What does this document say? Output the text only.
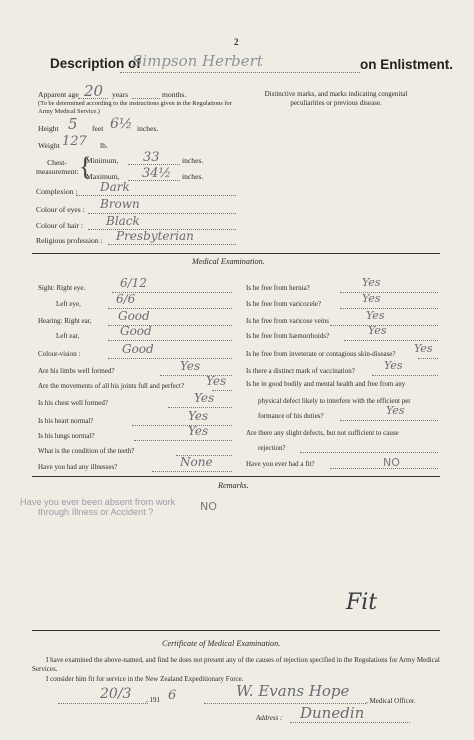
2
Description of
Simpson Herbert	on Enlistment.
Apparent age 20 years	months.
(To be determined according to the instructions given in the Regulations for Army Medical Service.)
Height 5 feet 6½ inches.
Weight 127 lb.
Chest-measurement: {
Minimum, 33	inches.
Maximum, 34½ inches.
Complexion : Dark
Colour of eyes : Brown
Colour of hair : Black
Religious profession : Presbyterian
Distinctive marks, and marks indicating congenital peculiarities or previous disease.
Medical Examination.
Is he in good bodily and mental health and free from any
physical defect likely to interfere with the efficient per
formance of his duties?	Yes
Are there any slight defects, but not sufficient to cause
rejection?
Have you ever had a fit?	NO
Remarks.
Have you ever been absent from work
through Illness or Accident ?	NO
Fit
Certificate of Medical Examination.
I have examined the above-named, and find he does not present any of the causes of rejection specified in the Regulations for Army Medical Services.
I consider him fit for service in the New Zealand Expeditionary Force.
20/3 , 191 6	W. Evans Hope
, Medical Officer.
Address : Dunedin
Sight: Right eye.	6/12
Left eye,	6/6
Hearing: Right ear, Good
Left ear,	Good
Colour-vision :	Good
Are his limbs well formed?	Yes
Are the movements of all his joints full and perfect? Yes
Is his chest well formed?	Yes
Is his heart normal?	Yes
Is his lungs normal?	Yes
What is the condition of the teeth?
Have you had any illnesses?	None
Is he free from hernia?	Yes
Is he free from varicocele?	Yes
Is he free from varicose veins	Yes
Is he free from hæmorrhoids?	Yes
Is he free from inveterate or contagious skin-disease? Yes
Is there a distinct mark of vaccination?	Yes
